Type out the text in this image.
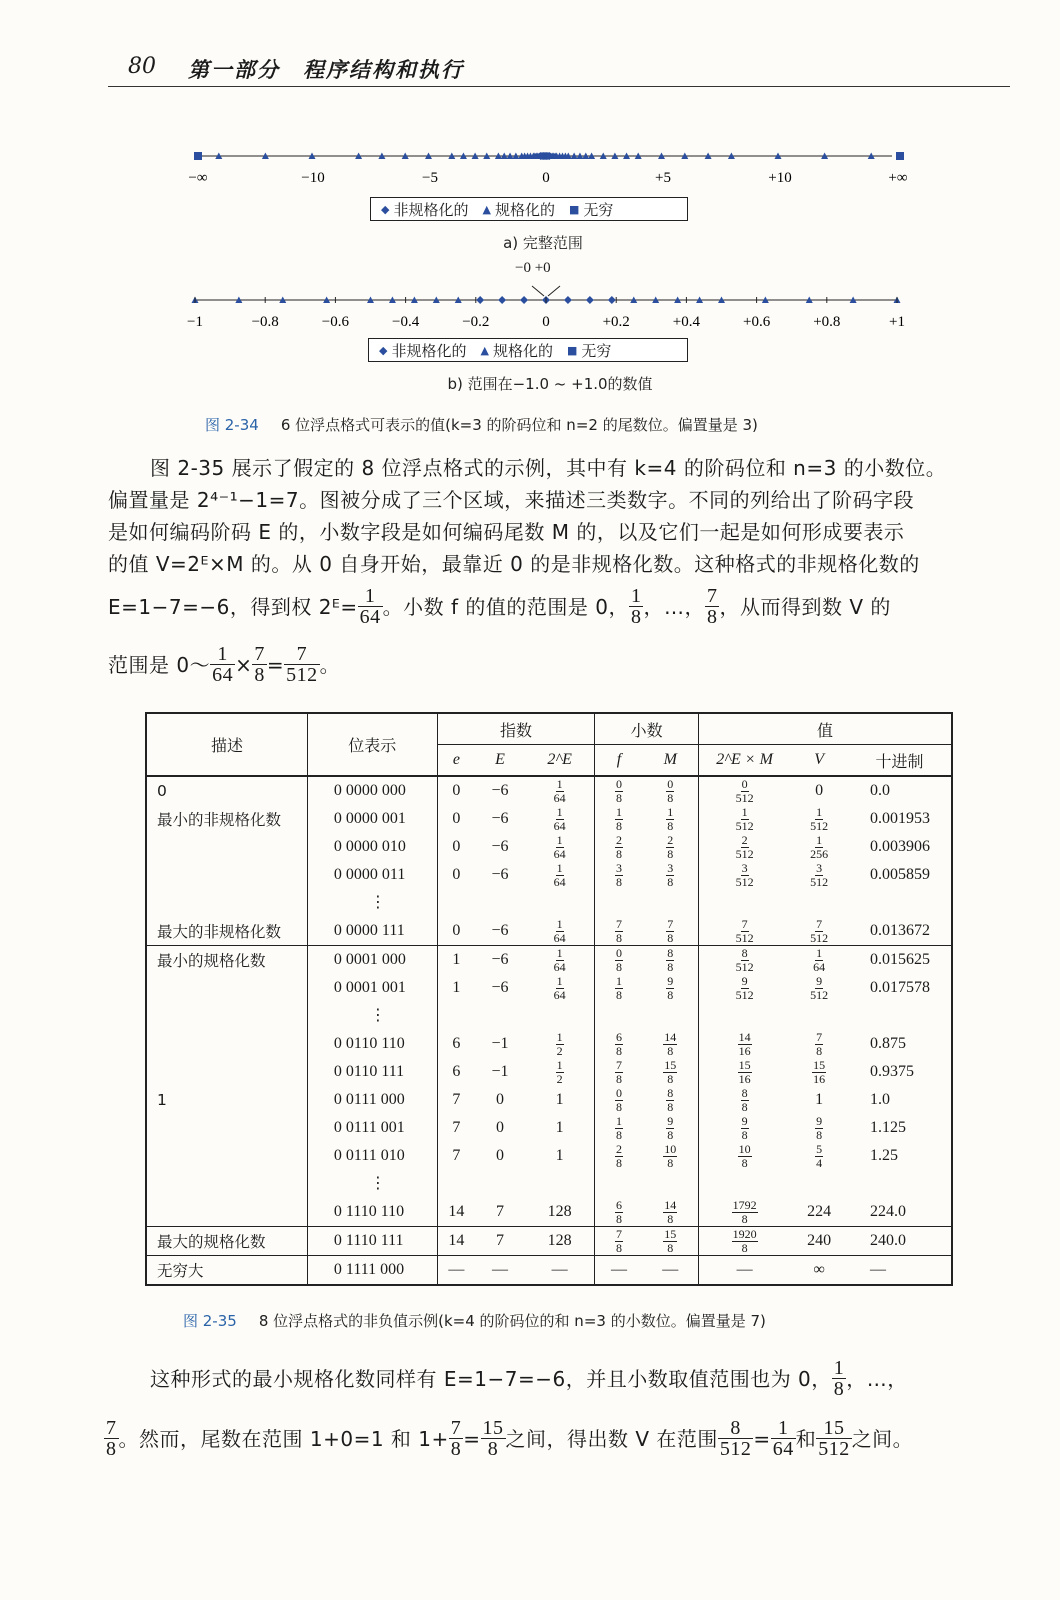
80 第一部分 程序结构和执行
−∞	−10	−5	0	+5	+10	+∞
◆ 非规格化的 ▲ 规格化的 ■ 无穷
a) 完整范围
−0 +0
−1	−0.8	−0.6	−0.4	−0.2	0	+0.2	+0.4	+0.6	+0.8	+1
◆ 非规格化的 ▲ 规格化的 ■ 无穷
b) 范围在−1.0 ~ +1.0的数值
图 2-34 6 位浮点格式可表示的值(k=3 的阶码位和 n=2 的尾数位。偏置量是 3)
图 2-35 展示了假定的 8 位浮点格式的示例，其中有 k=4 的阶码位和 n=3 的小数位。
偏置量是 2⁴⁻¹−1=7。图被分成了三个区域，来描述三类数字。不同的列给出了阶码字段
是如何编码阶码 E 的，小数字段是如何编码尾数 M 的，以及它们一起是如何形成要表示
的值 V=2ᴱ×M 的。从 0 自身开始，最靠近 0 的是非规格化数。这种格式的非规格化数的
E=1−7=−6，得到权 2ᴱ= $\frac{1}{64}$ 。小数 f 的值的范围是 0， $\frac{1}{8}$ ，…， $\frac{7}{8}$ ，从而得到数 V 的
范围是 0～ $\frac{1}{64} \times \frac{7}{8} = \frac{7}{512}$ 。
描述	位表示	指数			小数		值		
		e	E	2^E	f	M	2^E × M	V	十进制
0	0 0000 000	0	−6	$\frac{1}{64}$	$\frac{0}{8}$	$\frac{0}{8}$	$\frac{0}{512}$	0	0.0
最小的非规格化数	0 0000 001	0	−6	$\frac{1}{64}$	$\frac{1}{8}$	$\frac{1}{8}$	$\frac{1}{512}$	$\frac{1}{512}$	0.001953
	0 0000 010	0	−6	$\frac{1}{64}$	$\frac{2}{8}$	$\frac{2}{8}$	$\frac{2}{512}$	$\frac{1}{256}$	0.003906
	0 0000 011	0	−6	$\frac{1}{64}$	$\frac{3}{8}$	$\frac{3}{8}$	$\frac{3}{512}$	$\frac{3}{512}$	0.005859
	⋮								
最大的非规格化数	0 0000 111	0	−6	$\frac{1}{64}$	$\frac{7}{8}$	$\frac{7}{8}$	$\frac{7}{512}$	$\frac{7}{512}$	0.013672
最小的规格化数	0 0001 000	1	−6	$\frac{1}{64}$	$\frac{0}{8}$	$\frac{8}{8}$	$\frac{8}{512}$	$\frac{1}{64}$	0.015625
	0 0001 001	1	−6	$\frac{1}{64}$	$\frac{1}{8}$	$\frac{9}{8}$	$\frac{9}{512}$	$\frac{9}{512}$	0.017578
	⋮								
	0 0110 110	6	−1	$\frac{1}{2}$	$\frac{6}{8}$	$\frac{14}{8}$	$\frac{14}{16}$	$\frac{7}{8}$	0.875
	0 0110 111	6	−1	$\frac{1}{2}$	$\frac{7}{8}$	$\frac{15}{8}$	$\frac{15}{16}$	$\frac{15}{16}$	0.9375
1	0 0111 000	7	0	1	$\frac{0}{8}$	$\frac{8}{8}$	$\frac{8}{8}$	1	1.0
	0 0111 001	7	0	1	$\frac{1}{8}$	$\frac{9}{8}$	$\frac{9}{8}$	$\frac{9}{8}$	1.125
	0 0111 010	7	0	1	$\frac{2}{8}$	$\frac{10}{8}$	$\frac{10}{8}$	$\frac{5}{4}$	1.25
	⋮								
	0 1110 110	14	7	128	$\frac{6}{8}$	$\frac{14}{8}$	$\frac{1792}{8}$	224	224.0
最大的规格化数	0 1110 111	14	7	128	$\frac{7}{8}$	$\frac{15}{8}$	$\frac{1920}{8}$	240	240.0
无穷大	0 1111 000	—	—	—	—	—	—	∞	—
图 2-35 8 位浮点格式的非负值示例(k=4 的阶码位的和 n=3 的小数位。偏置量是 7)
这种形式的最小规格化数同样有 E=1−7=−6，并且小数取值范围也为 0， $\frac{1}{8}$ ，…，
$\frac{7}{8}$ 。然而，尾数在范围 1+0=1 和 $1+ \frac{7}{8} = \frac{15}{8}$ 之间，得出数 V 在范围 $\frac{8}{512} = \frac{1}{64}$ 和 $\frac{15}{512}$ 之间。
